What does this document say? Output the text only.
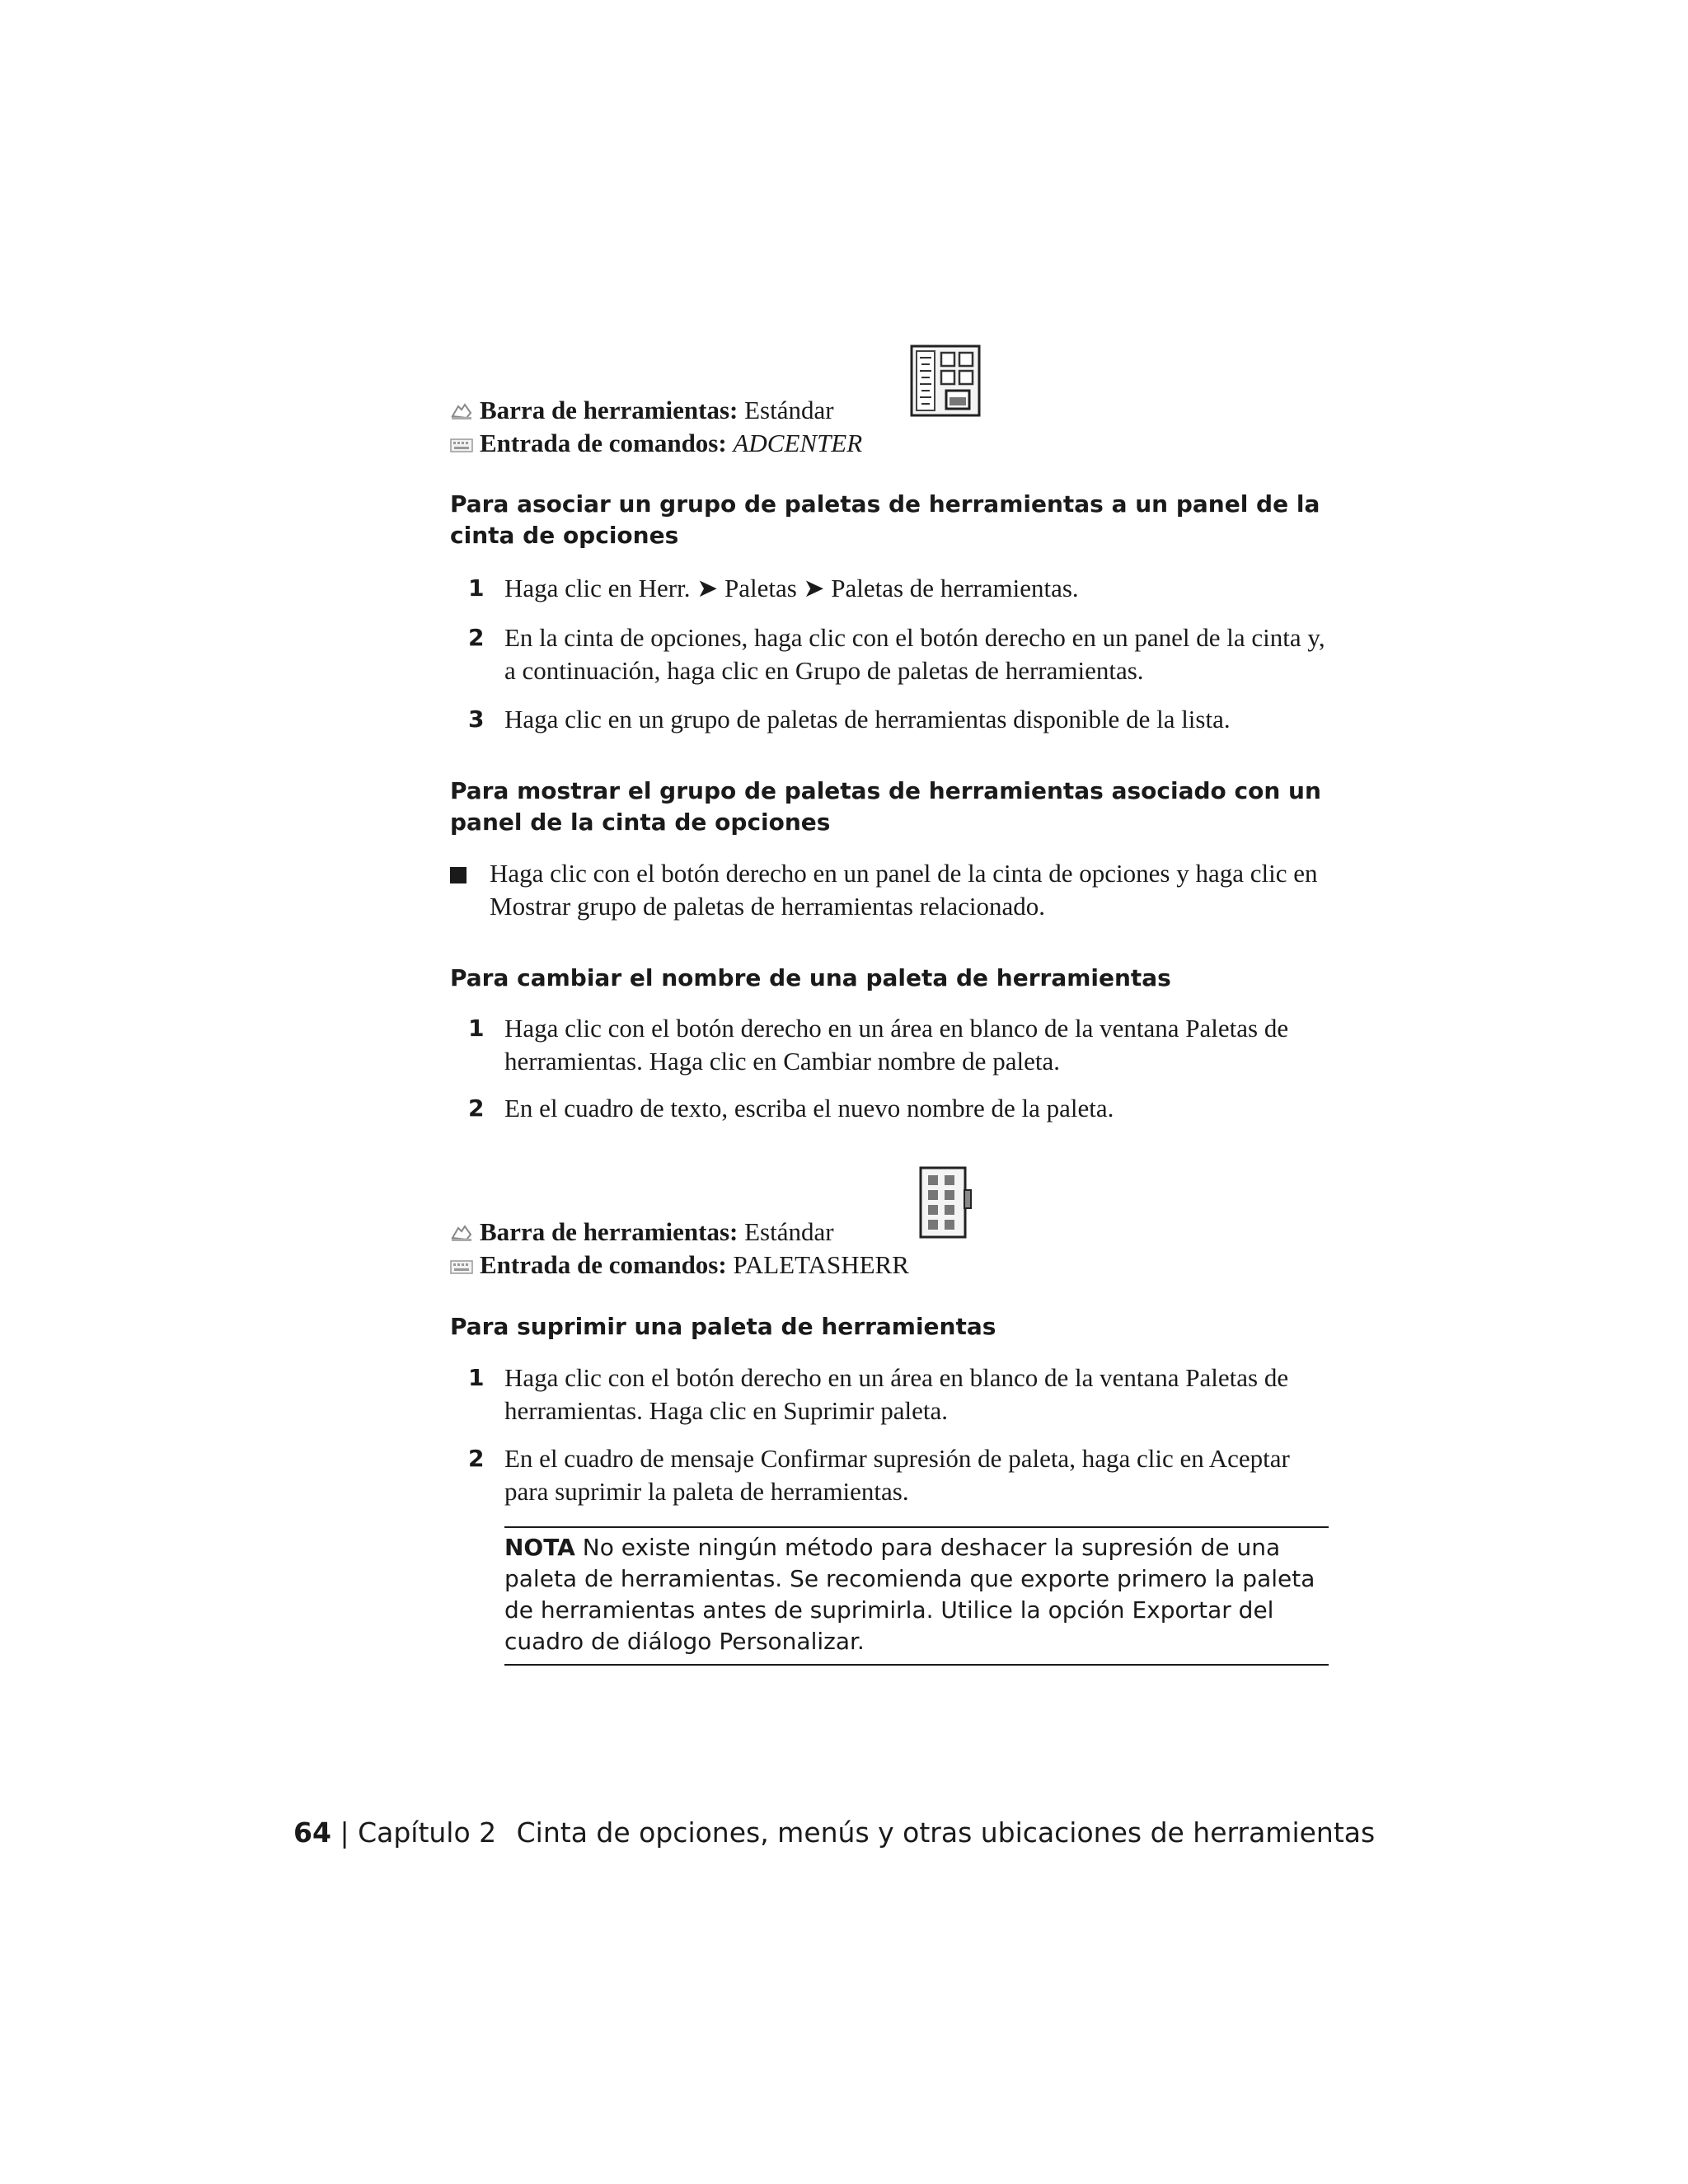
Barra de herramientas: Estándar
Entrada de comandos: ADCENTER
Para asociar un grupo de paletas de herramientas a un panel de la cinta de opciones
1 Haga clic en Herr. ➤ Paletas ➤ Paletas de herramientas.
2 En la cinta de opciones, haga clic con el botón derecho en un panel de la cinta y, a continuación, haga clic en Grupo de paletas de herramientas.
3 Haga clic en un grupo de paletas de herramientas disponible de la lista.
Para mostrar el grupo de paletas de herramientas asociado con un panel de la cinta de opciones
Haga clic con el botón derecho en un panel de la cinta de opciones y haga clic en Mostrar grupo de paletas de herramientas relacionado.
Para cambiar el nombre de una paleta de herramientas
1 Haga clic con el botón derecho en un área en blanco de la ventana Paletas de herramientas. Haga clic en Cambiar nombre de paleta.
2 En el cuadro de texto, escriba el nuevo nombre de la paleta.
Barra de herramientas: Estándar
Entrada de comandos: PALETASHERR
Para suprimir una paleta de herramientas
1 Haga clic con el botón derecho en un área en blanco de la ventana Paletas de herramientas. Haga clic en Suprimir paleta.
2 En el cuadro de mensaje Confirmar supresión de paleta, haga clic en Aceptar para suprimir la paleta de herramientas.
NOTA No existe ningún método para deshacer la supresión de una paleta de herramientas. Se recomienda que exporte primero la paleta de herramientas antes de suprimirla. Utilice la opción Exportar del cuadro de diálogo Personalizar.
64 | Capítulo 2 Cinta de opciones, menús y otras ubicaciones de herramientas
